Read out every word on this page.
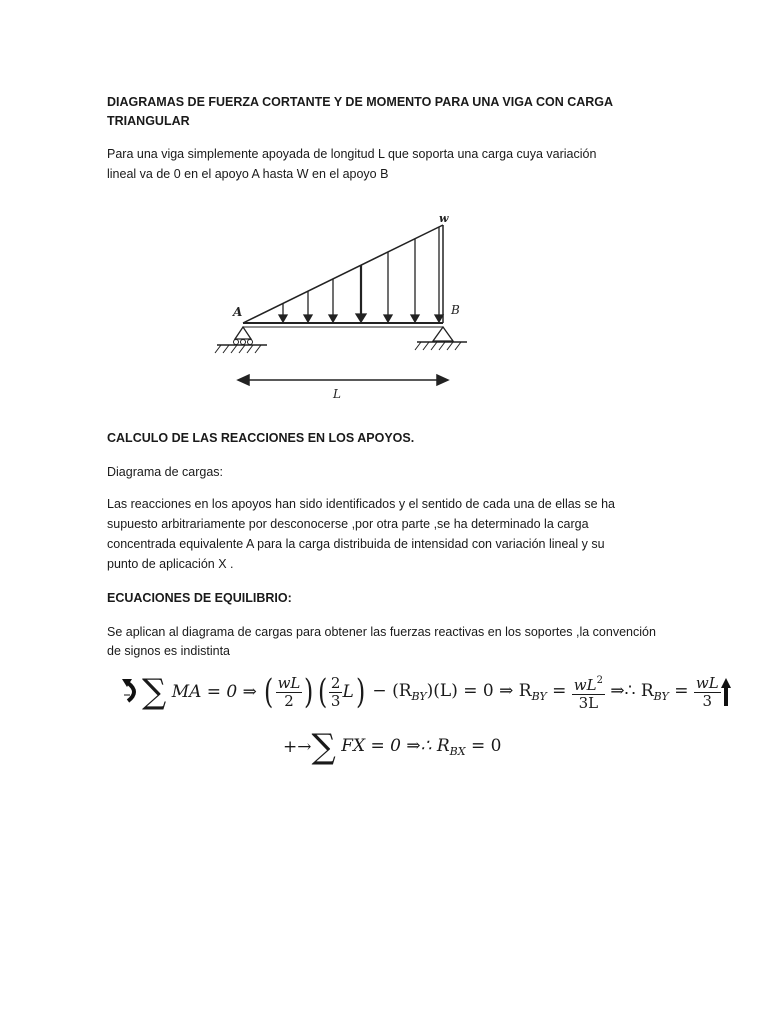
DIAGRAMAS DE FUERZA CORTANTE Y DE MOMENTO PARA UNA VIGA CON CARGA

TRIANGULAR

Para una viga simplemente apoyada de longitud L que soporta una carga cuya variación

lineal va de 0 en el apoyo A hasta W en el apoyo B

w
A	B
L

CALCULO DE LAS REACCIONES EN LOS APOYOS.

Diagrama de cargas:

Las reacciones en los apoyos han sido identificados y el sentido de cada una de ellas se ha

supuesto arbitrariamente por desconocerse ,por otra parte ,se ha determinado la carga

concentrada equivalente A para la carga distribuida de intensidad con variación lineal y su

punto de aplicación X .

ECUACIONES DE EQUILIBRIO:

Se aplican al diagrama de cargas para obtener las fuerzas reactivas en los soportes ,la convención

de signos es indistinta

∑ MA = 0 ⇒ ( $\frac{wL}{2}$ ) ( $\frac{2}{3} L) - (R_{BY})(L) = 0$ ⇒ $R_{BY} = \frac{wL^2}{3L}$ ⇒∴ $R_{BY} = \frac{wL}{3}$
+→∑ FX = 0 ⇒∴ $R_{BX} = 0$
